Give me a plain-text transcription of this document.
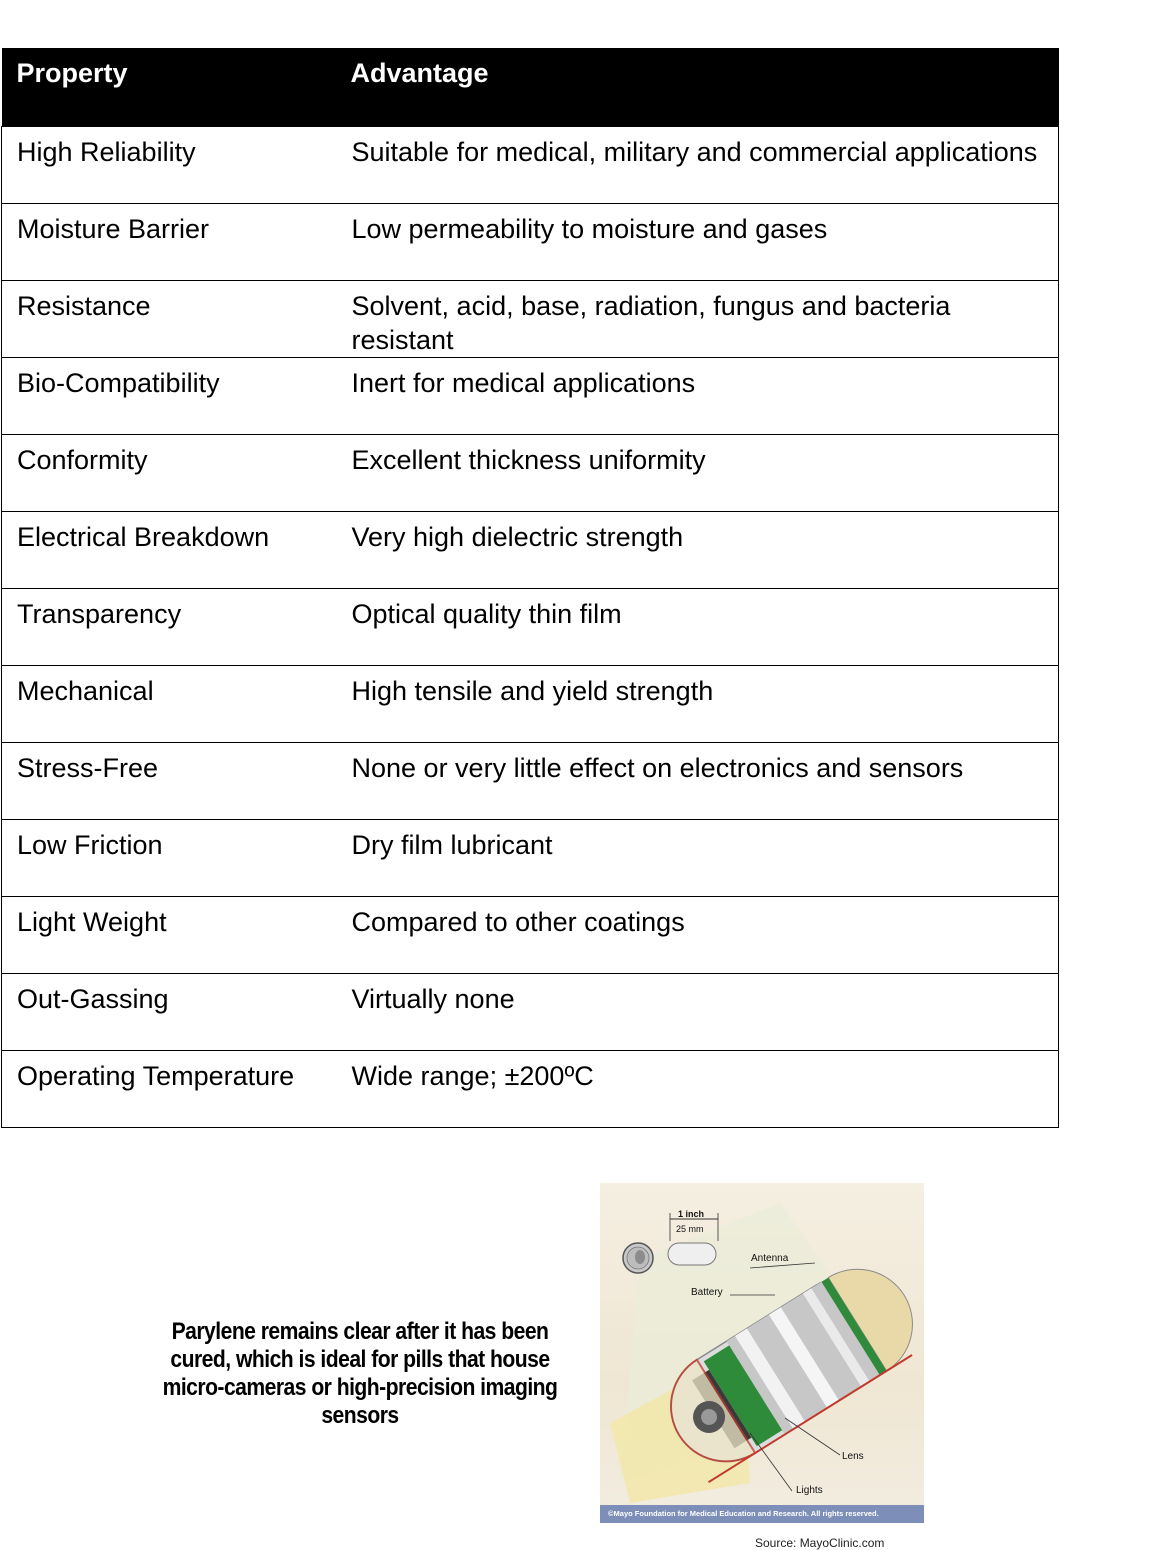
Property	Advantage
High Reliability	Suitable for medical, military and commercial applications
Moisture Barrier	Low permeability to moisture and gases
Resistance	Solvent, acid, base, radiation, fungus and bacteria resistant
Bio-Compatibility	Inert for medical applications
Conformity	Excellent thickness uniformity
Electrical Breakdown	Very high dielectric strength
Transparency	Optical quality thin film
Mechanical	High tensile and yield strength
Stress-Free	None or very little effect on electronics and sensors
Low Friction	Dry film lubricant
Light Weight	Compared to other coatings
Out-Gassing	Virtually none
Operating Temperature	Wide range; ±200ºC
Parylene remains clear after it has been cured, which is ideal for pills that house micro-cameras or high-precision imaging sensors
1 inch
25 mm
Antenna
Battery
Lens
Lights
©Mayo Foundation for Medical Education and Research. All rights reserved.
Source: MayoClinic.com
